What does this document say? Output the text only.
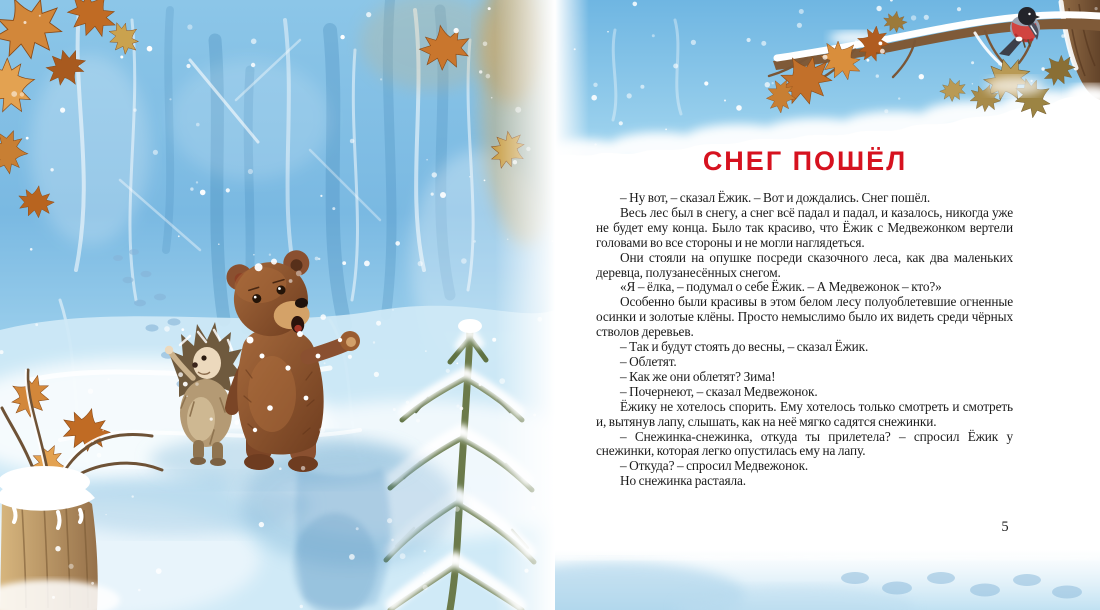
СНЕГ ПОШЁЛ

– Ну вот, – сказал Ёжик. – Вот и дождались. Снег пошёл.

Весь лес был в снегу, а снег всё падал и падал, и казалось, никогда уже не будет ему конца. Было так красиво, что Ёжик с Медвежонком вертели головами во все стороны и не могли наглядеться.

Они стояли на опушке посреди сказочного леса, как два маленьких деревца, полузанесённых снегом.

«Я – ёлка, – подумал о себе Ёжик. – А Медвежонок – кто?»

Особенно были красивы в этом белом лесу полуоблетевшие огненные осинки и золотые клёны. Просто немыслимо было их видеть среди чёрных стволов деревьев.

– Так и будут стоять до весны, – сказал Ёжик.

– Облетят.

– Как же они облетят? Зима!

– Почернеют, – сказал Медвежонок.

Ёжику не хотелось спорить. Ему хотелось только смотреть и смотреть и, вытянув лапу, слышать, как на неё мягко садятся снежинки.

– Снежинка-снежинка, откуда ты прилетела? – спросил Ёжик у снежинки, которая легко опустилась ему на лапу.

– Откуда? – спросил Медвежонок.

Но снежинка растаяла.

5
